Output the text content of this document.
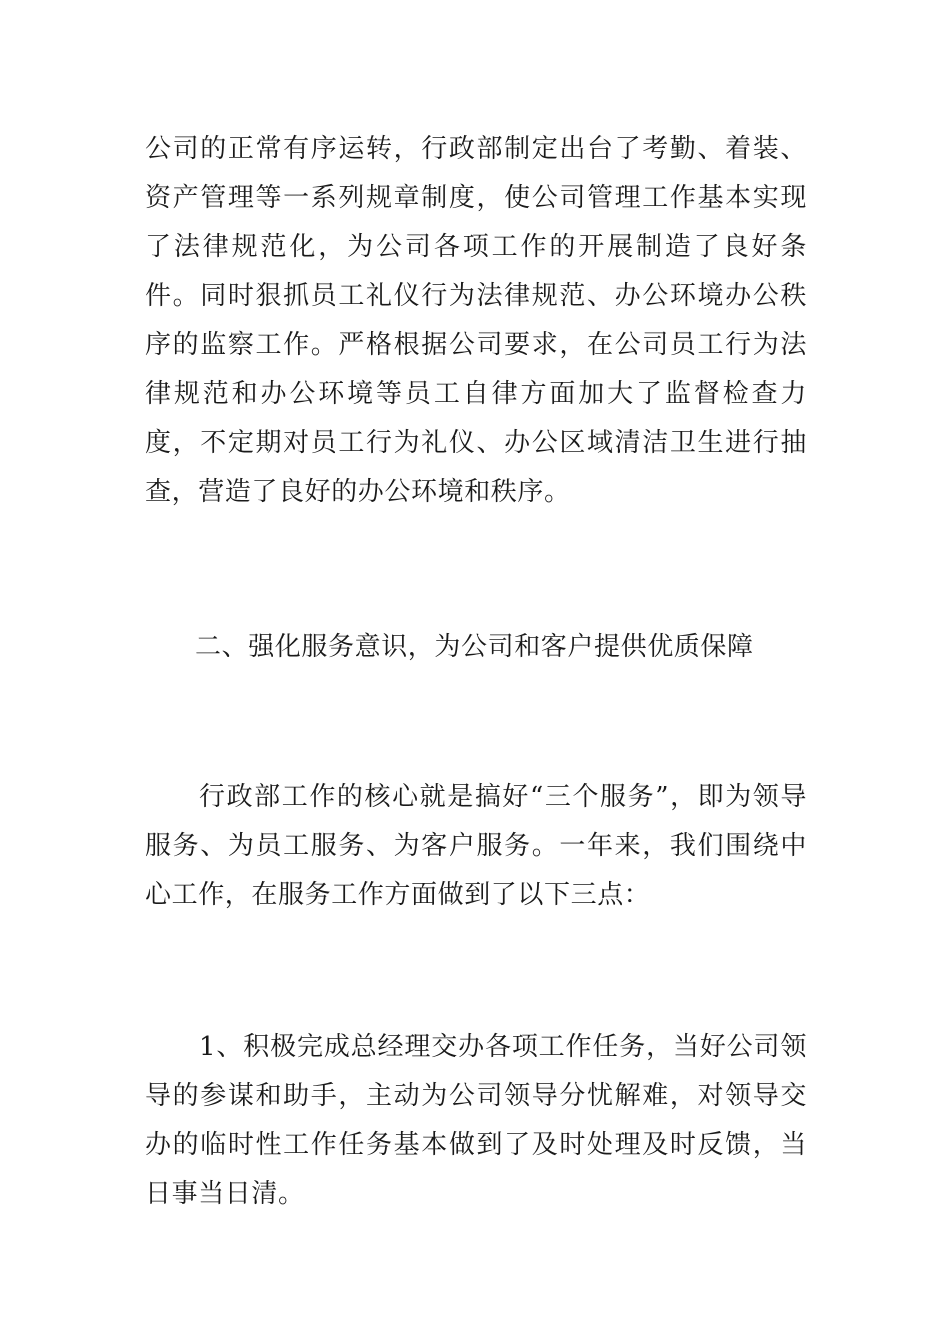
公司的正常有序运转，行政部制定出台了考勤、着装、资产管理等一系列规章制度，使公司管理工作基本实现了法律规范化，为公司各项工作的开展制造了良好条件。同时狠抓员工礼仪行为法律规范、办公环境办公秩序的监察工作。严格根据公司要求，在公司员工行为法律规范和办公环境等员工自律方面加大了监督检查力度，不定期对员工行为礼仪、办公区域清洁卫生进行抽查，营造了良好的办公环境和秩序。

二、强化服务意识，为公司和客户提供优质保障

行政部工作的核心就是搞好“三个服务”，即为领导服务、为员工服务、为客户服务。一年来，我们围绕中心工作，在服务工作方面做到了以下三点：

1、积极完成总经理交办各项工作任务，当好公司领导的参谋和助手，主动为公司领导分忧解难，对领导交办的临时性工作任务基本做到了及时处理及时反馈，当日事当日清。
